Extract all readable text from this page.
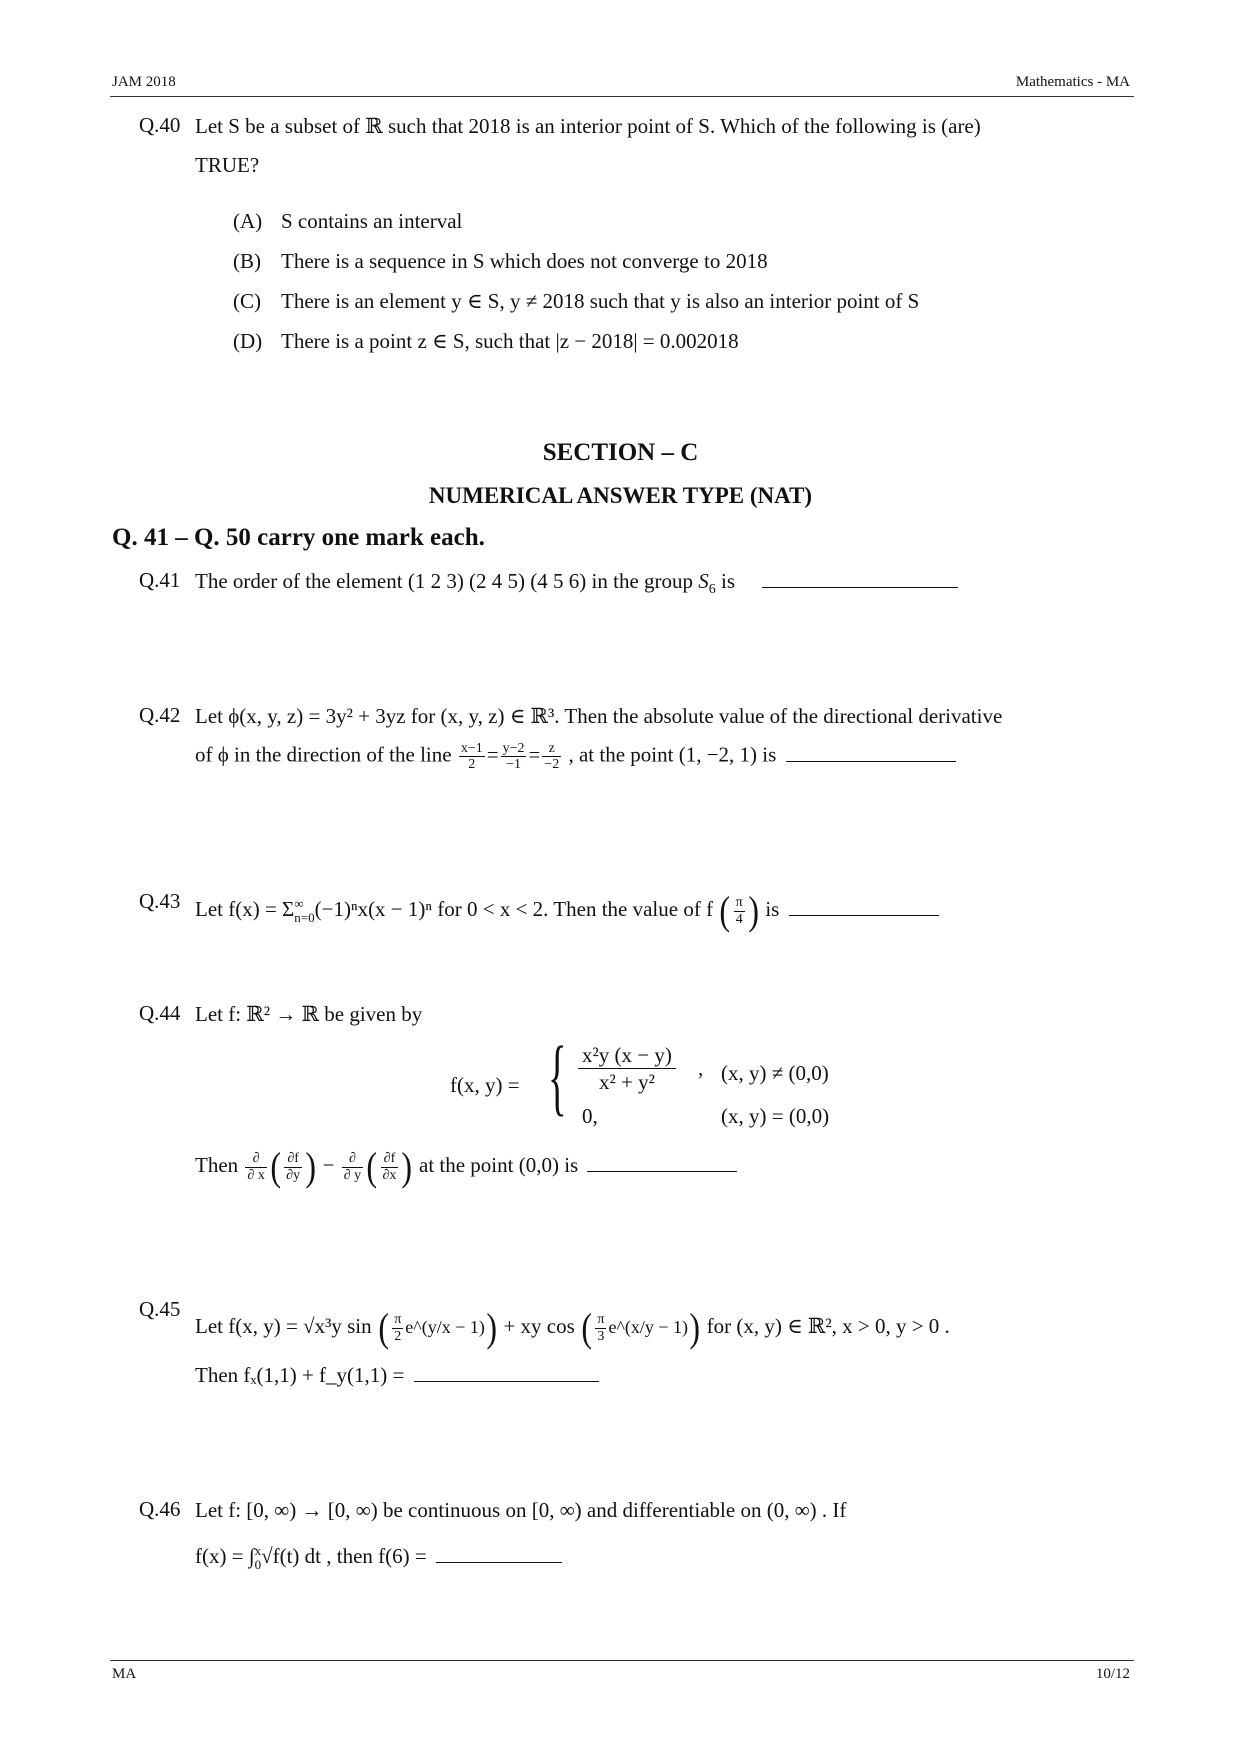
JAM 2018	Mathematics - MA
Q.40 Let S be a subset of ℝ such that 2018 is an interior point of S. Which of the following is (are)
TRUE?
(A) S contains an interval
(B) There is a sequence in S which does not converge to 2018
(C) There is an element y ∈ S, y ≠ 2018 such that y is also an interior point of S
(D) There is a point z ∈ S, such that |z − 2018| = 0.002018
SECTION – C
NUMERICAL ANSWER TYPE (NAT)
Q. 41 – Q. 50 carry one mark each.
Q.41 The order of the element (1 2 3) (2 4 5) (4 5 6) in the group $S_6$ is
Q.42 Let ϕ(x, y, z) = 3y² + 3yz for (x, y, z) ∈ ℝ³. Then the absolute value of the directional derivative
of ϕ in the direction of the line $\frac{x-1}{2} = \frac{y-2}{-1} = \frac{z}{-2}$ , at the point (1, −2, 1) is
Q.43 Let f(x) = Σ ∞
n=0 (−1)ⁿx(x − 1)ⁿ for 0 < x < 2. Then the value of f ( $\frac{\pi}{4}$ ) is
Q.44 Let f: ℝ² → ℝ be given by
f(x, y) = { x²y (x − y)
x² + y²
, (x, y) ≠ (0,0)
0,	(x, y) = (0,0)
Then	∂
∂ x ( $\frac{\partial f}{\partial y}$ ) −	∂
∂ y ( $\frac{\partial f}{\partial x}$ ) at the point (0,0) is
Q.45
Let f(x, y) = √x³y sin ( $\frac{\pi}{2}$ e^(y/x − 1)) + xy cos ( $\frac{\pi}{3}$ e^(x/y − 1)) for (x, y) ∈ ℝ², x > 0, y > 0 .
Then fₓ(1,1) + f_y(1,1) =
Q.46 Let f: [0, ∞) → [0, ∞) be continuous on [0, ∞) and differentiable on (0, ∞) . If
f(x) = ∫ x
0 √f(t) dt , then f(6) =
MA	10/12
